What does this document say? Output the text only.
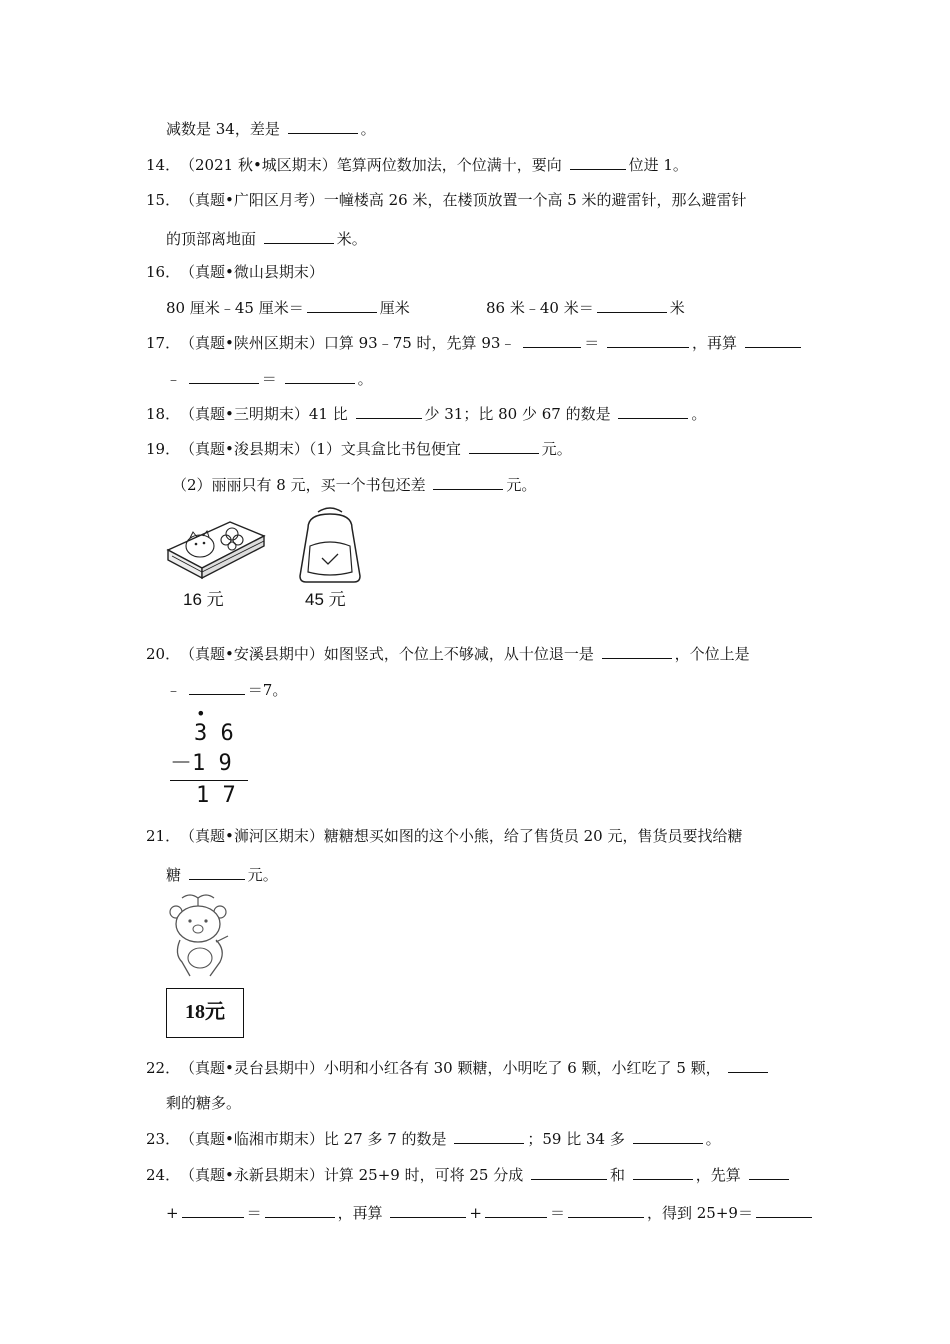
减数是 34，差是	。
14．（2021 秋•城区期末）笔算两位数加法，个位满十，要向	位进 1。
15．（真题•广阳区月考）一幢楼高 26 米，在楼顶放置一个高 5 米的避雷针，那么避雷针
的顶部离地面	米。
16．（真题•微山县期末）
80 厘米﹣45 厘米＝	厘米	86 米﹣40 米＝	米
17．（真题•陕州区期末）口算 93﹣75 时，先算 93﹣	＝	，再算
﹣	＝	。
18．（真题•三明期末）41 比	少 31；比 80 少 67 的数是	。
19．（真题•浚县期末）（1）文具盒比书包便宜	元。
（2）丽丽只有 8 元，买一个书包还差	元。
16 元	45 元
20．（真题•安溪县期中）如图竖式，个位上不够减，从十位退一是	，个位上是
﹣	＝7。
•
3 6
－1 9
1 7
21．（真题•浉河区期末）糖糖想买如图的这个小熊，给了售货员 20 元，售货员要找给糖
糖	元。
18元
22．（真题•灵台县期中）小明和小红各有 30 颗糖，小明吃了 6 颗，小红吃了 5 颗，
剩的糖多。
23．（真题•临湘市期末）比 27 多 7 的数是	；59 比 34 多	。
24．（真题•永新县期末）计算 25+9 时，可将 25 分成	和	，先算
+	＝	，再算	+	＝	，得到 25+9＝
